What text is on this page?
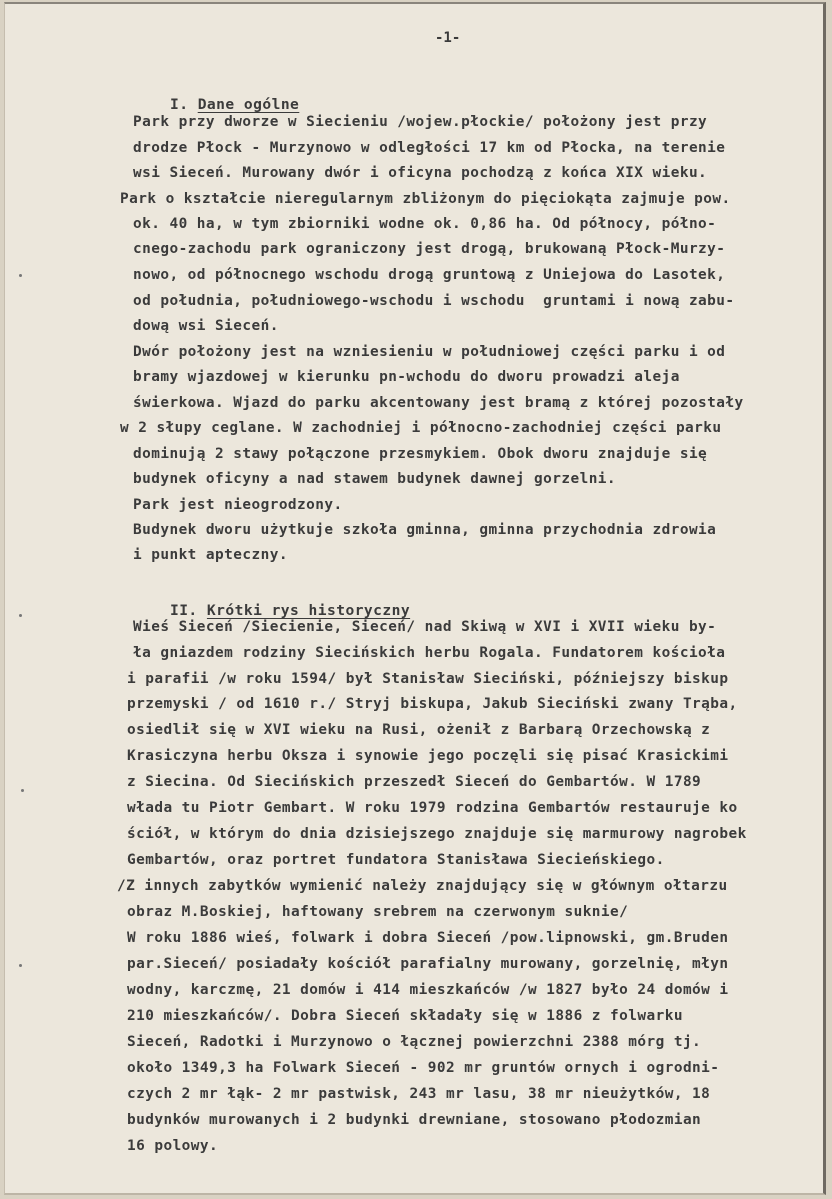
-1-

I. Dane ogólne

Park przy dworze w Siecieniu /wojew.płockie/ położony jest przy
drodze Płock - Murzynowo w odległości 17 km od Płocka, na terenie
wsi Sieceń. Murowany dwór i oficyna pochodzą z końca XIX wieku.
Park o kształcie nieregularnym zbliżonym do pięciokąta zajmuje pow.
ok. 40 ha, w tym zbiorniki wodne ok. 0,86 ha. Od północy, półno-
cnego-zachodu park ograniczony jest drogą, brukowaną Płock-Murzy-
nowo, od północnego wschodu drogą gruntową z Uniejowa do Lasotek,
od południa, południowego-wschodu i wschodu  gruntami i nową zabu-
dową wsi Sieceń.
Dwór położony jest na wzniesieniu w południowej części parku i od
bramy wjazdowej w kierunku pn-wchodu do dworu prowadzi aleja
świerkowa. Wjazd do parku akcentowany jest bramą z której pozostały
w 2 słupy ceglane. W zachodniej i północno-zachodniej części parku
dominują 2 stawy połączone przesmykiem. Obok dworu znajduje się
budynek oficyny a nad stawem budynek dawnej gorzelni.
Park jest nieogrodzony.
Budynek dworu użytkuje szkoła gminna, gminna przychodnia zdrowia
i punkt apteczny.

II. Krótki rys historyczny

Wieś Sieceń /Siecienie, Sieceń/ nad Skiwą w XVI i XVII wieku by-
ła gniazdem rodziny Siecińskich herbu Rogala. Fundatorem kościoła
i parafii /w roku 1594/ był Stanisław Sieciński, późniejszy biskup
przemyski / od 1610 r./ Stryj biskupa, Jakub Sieciński zwany Trąba,
osiedlił się w XVI wieku na Rusi, ożenił z Barbarą Orzechowską z
Krasiczyna herbu Oksza i synowie jego poczęli się pisać Krasickimi
z Siecina. Od Siecińskich przeszedł Sieceń do Gembartów. W 1789
włada tu Piotr Gembart. W roku 1979 rodzina Gembartów restauruje ko
ściół, w którym do dnia dzisiejszego znajduje się marmurowy nagrobek
Gembartów, oraz portret fundatora Stanisława Siecieńskiego.
/Z innych zabytków wymienić należy znajdujący się w głównym ołtarzu
obraz M.Boskiej, haftowany srebrem na czerwonym suknie/
W roku 1886 wieś, folwark i dobra Sieceń /pow.lipnowski, gm.Bruden
par.Sieceń/ posiadały kościół parafialny murowany, gorzelnię, młyn
wodny, karczmę, 21 domów i 414 mieszkańców /w 1827 było 24 domów i
210 mieszkańców/. Dobra Sieceń składały się w 1886 z folwarku
Sieceń, Radotki i Murzynowo o łącznej powierzchni 2388 mórg tj.
około 1349,3 ha Folwark Sieceń - 902 mr gruntów ornych i ogrodni-
czych 2 mr łąk- 2 mr pastwisk, 243 mr lasu, 38 mr nieużytków, 18
budynków murowanych i 2 budynki drewniane, stosowano płodozmian
16 polowy.
